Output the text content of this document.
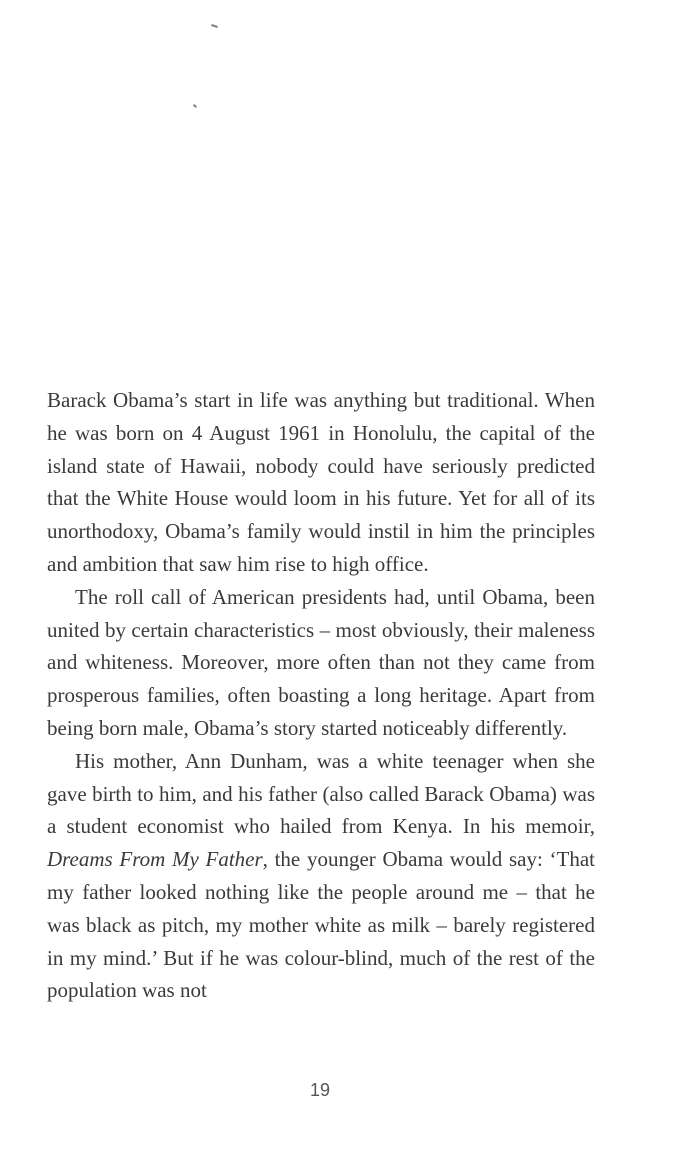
Barack Obama’s start in life was anything but traditional. When he was born on 4 August 1961 in Honolulu, the capital of the island state of Hawaii, nobody could have seriously predicted that the White House would loom in his future. Yet for all of its unorthodoxy, Obama’s family would instil in him the principles and ambition that saw him rise to high office.

The roll call of American presidents had, until Obama, been united by certain characteristics – most obviously, their maleness and whiteness. Moreover, more often than not they came from prosperous families, often boasting a long heritage. Apart from being born male, Obama’s story started noticeably differently.

His mother, Ann Dunham, was a white teenager when she gave birth to him, and his father (also called Barack Obama) was a student economist who hailed from Kenya. In his memoir, Dreams From My Father, the younger Obama would say: ‘That my father looked nothing like the people around me – that he was black as pitch, my mother white as milk – barely registered in my mind.’ But if he was colour-blind, much of the rest of the population was not

19
